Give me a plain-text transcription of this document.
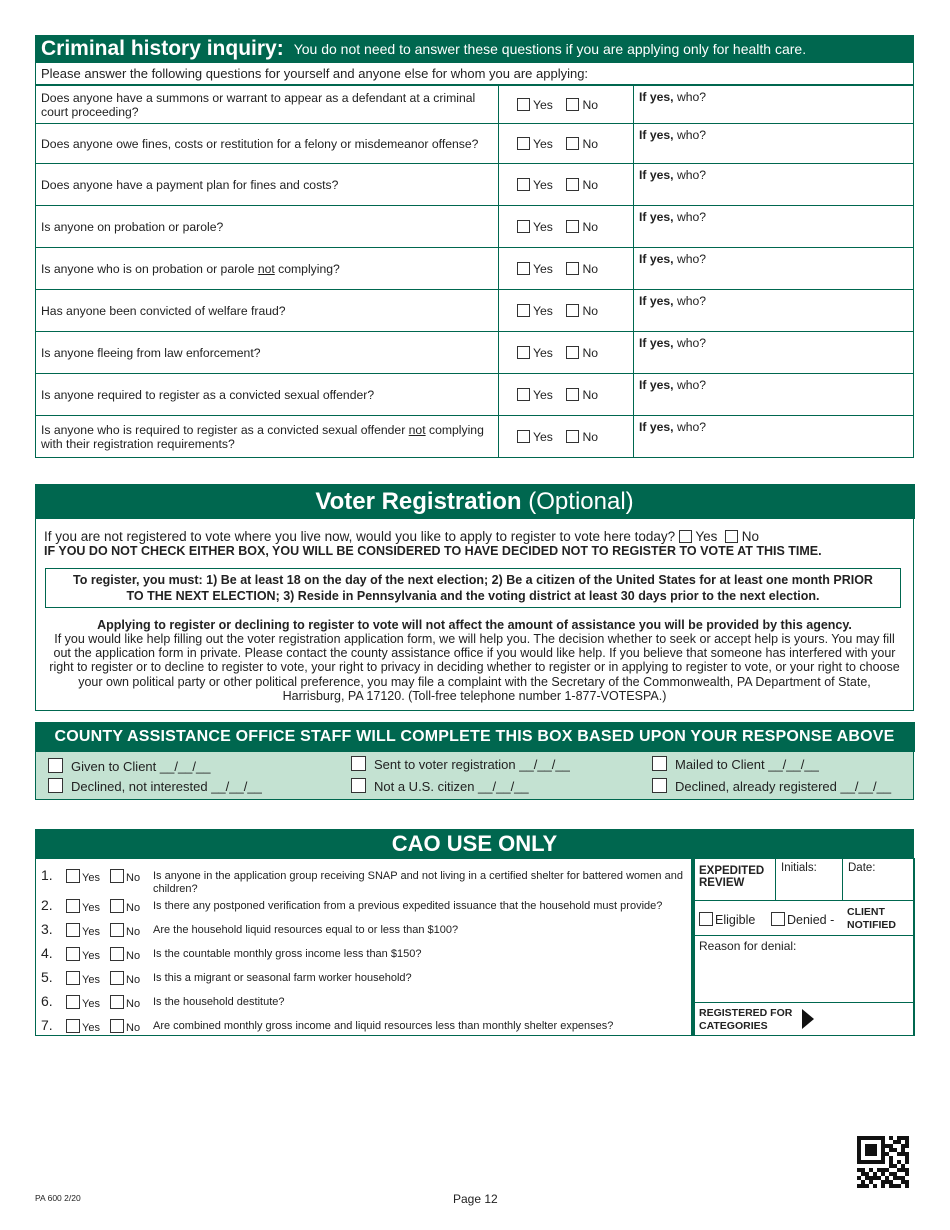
Criminal history inquiry: You do not need to answer these questions if you are applying only for health care.
Please answer the following questions for yourself and anyone else for whom you are applying:
Does anyone have a summons or warrant to appear as a defendant at a criminal court proceeding?	Yes No	If yes, who?
Does anyone owe fines, costs or restitution for a felony or misdemeanor offense?	Yes No	If yes, who?
Does anyone have a payment plan for fines and costs?	Yes No	If yes, who?
Is anyone on probation or parole?	Yes No	If yes, who?
Is anyone who is on probation or parole not complying?	Yes No	If yes, who?
Has anyone been convicted of welfare fraud?	Yes No	If yes, who?
Is anyone fleeing from law enforcement?	Yes No	If yes, who?
Is anyone required to register as a convicted sexual offender?	Yes No	If yes, who?
Is anyone who is required to register as a convicted sexual offender not complying with their registration requirements?	Yes No	If yes, who?
Voter Registration (Optional)
If you are not registered to vote where you live now, would you like to apply to register to vote here today? Yes No
IF YOU DO NOT CHECK EITHER BOX, YOU WILL BE CONSIDERED TO HAVE DECIDED NOT TO REGISTER TO VOTE AT THIS TIME.
To register, you must: 1) Be at least 18 on the day of the next election; 2) Be a citizen of the United States for at least one month PRIOR TO THE NEXT ELECTION; 3) Reside in Pennsylvania and the voting district at least 30 days prior to the next election.
Applying to register or declining to register to vote will not affect the amount of assistance you will be provided by this agency.
If you would like help filling out the voter registration application form, we will help you. The decision whether to seek or accept help is yours. You may fill out the application form in private. Please contact the county assistance office if you would like help. If you believe that someone has interfered with your right to register or to decline to register to vote, your right to privacy in deciding whether to register or in applying to register to vote, or your right to choose your own political party or other political preference, you may file a complaint with the Secretary of the Commonwealth, PA Department of State, Harrisburg, PA 17120. (Toll-free telephone number 1-877-VOTESPA.)
COUNTY ASSISTANCE OFFICE STAFF WILL COMPLETE THIS BOX BASED UPON YOUR RESPONSE ABOVE
Given to Client __/__/__	Sent to voter registration __/__/__	Mailed to Client __/__/__
Declined, not interested __/__/__	Not a U.S. citizen __/__/__	Declined, already registered __/__/__
CAO USE ONLY
1.	Yes	No Is anyone in the application group receiving SNAP and not living in a certified shelter for battered women and children?
2.	Yes	No Is there any postponed verification from a previous expedited issuance that the household must provide?
3.	Yes	No Are the household liquid resources equal to or less than $100?
4.	Yes	No Is the countable monthly gross income less than $150?
5.	Yes	No Is this a migrant or seasonal farm worker household?
6.	Yes	No Is the household destitute?
7.	Yes	No Are combined monthly gross income and liquid resources less than monthly shelter expenses?
EXPEDITED REVIEW
Initials:	Date:
Eligible	Denied -
CLIENT NOTIFIED
Reason for denial:
REGISTERED FOR CATEGORIES
PA 600 2/20	Page 12
